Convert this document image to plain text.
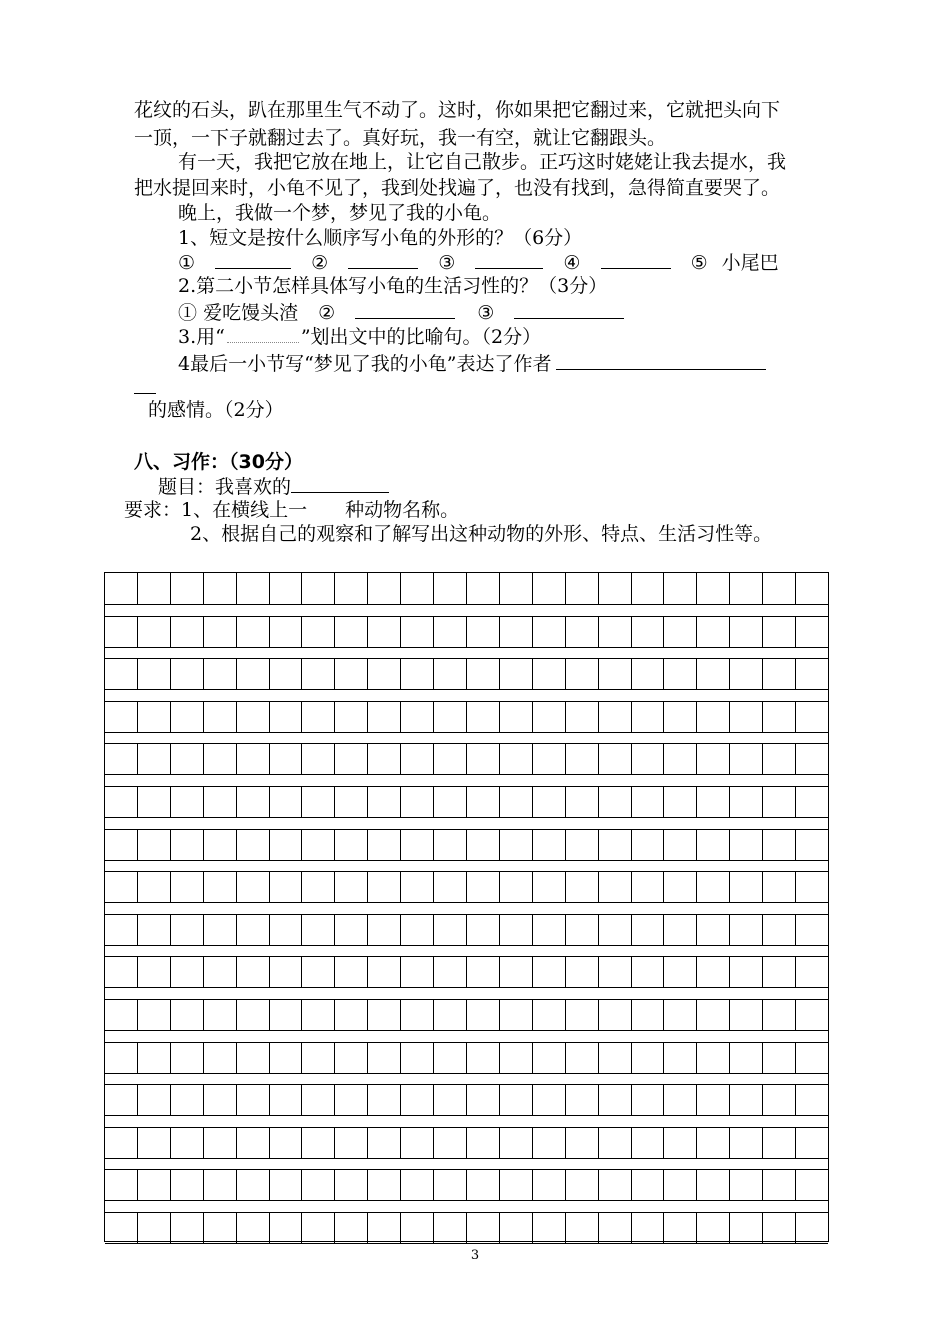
花纹的石头，趴在那里生气不动了。这时，你如果把它翻过来，它就把头向下
一顶，一下子就翻过去了。真好玩，我一有空，就让它翻跟头。
有一天，我把它放在地上，让它自己散步。正巧这时姥姥让我去提水，我
把水提回来时，小龟不见了，我到处找遍了，也没有找到，急得简直要哭了。
晚上，我做一个梦，梦见了我的小龟。
1、短文是按什么顺序写小龟的外形的？（6分）
①	②	③	④	⑤ 小尾巴
2.第二小节怎样具体写小龟的生活习性的？（3分）
① 爱吃馒头渣 ②	③
3.用“	”划出文中的比喻句。（2分）
4最后一小节写“梦见了我的小龟”表达了作者
的感情。（2分）
八、习作：（30分）
题目：我喜欢的
要求：1、在横线上一 种动物名称。
2、根据自己的观察和了解写出这种动物的外形、特点、生活习性等。
3
